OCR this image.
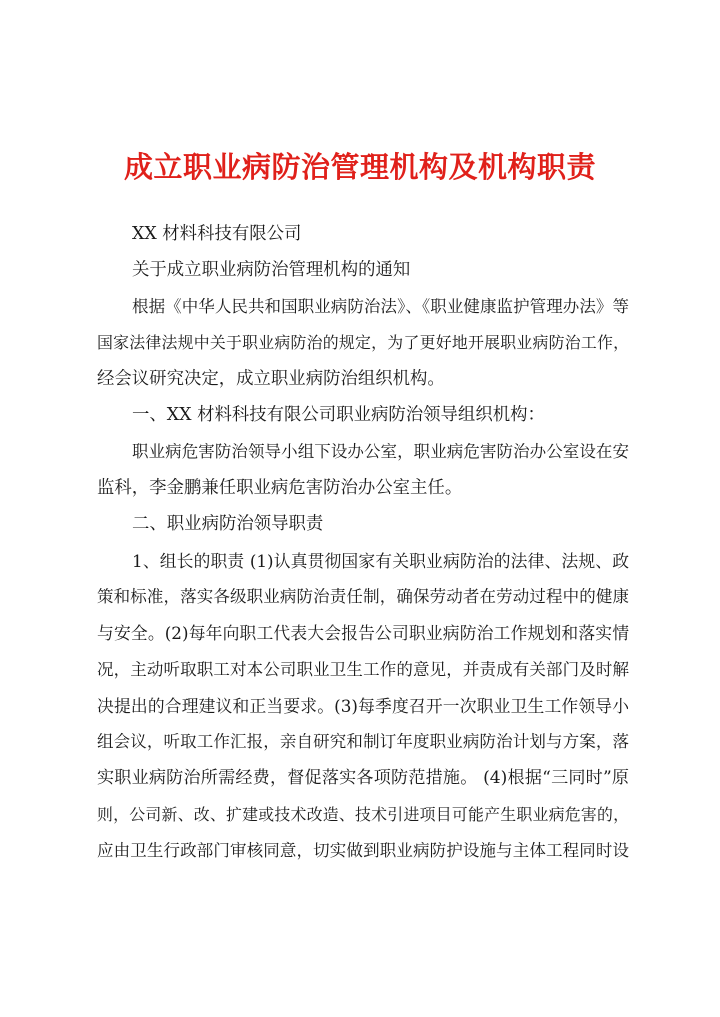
成立职业病防治管理机构及机构职责
XX 材料科技有限公司
关于成立职业病防治管理机构的通知
根据《中华人民共和国职业病防治法》、《职业健康监护管理办法》等
国家法律法规中关于职业病防治的规定，为了更好地开展职业病防治工作，
经会议研究决定，成立职业病防治组织机构。
一、XX 材料科技有限公司职业病防治领导组织机构：
职业病危害防治领导小组下设办公室，职业病危害防治办公室设在安
监科，李金鹏兼任职业病危害防治办公室主任。
二、职业病防治领导职责
1、组长的职责 (1)认真贯彻国家有关职业病防治的法律、法规、政
策和标准，落实各级职业病防治责任制，确保劳动者在劳动过程中的健康
与安全。(2)每年向职工代表大会报告公司职业病防治工作规划和落实情
况，主动听取职工对本公司职业卫生工作的意见，并责成有关部门及时解
决提出的合理建议和正当要求。(3)每季度召开一次职业卫生工作领导小
组会议，听取工作汇报，亲自研究和制订年度职业病防治计划与方案，落
实职业病防治所需经费，督促落实各项防范措施。 (4)根据“三同时”原
则，公司新、改、扩建或技术改造、技术引进项目可能产生职业病危害的，
应由卫生行政部门审核同意，切实做到职业病防护设施与主体工程同时设
